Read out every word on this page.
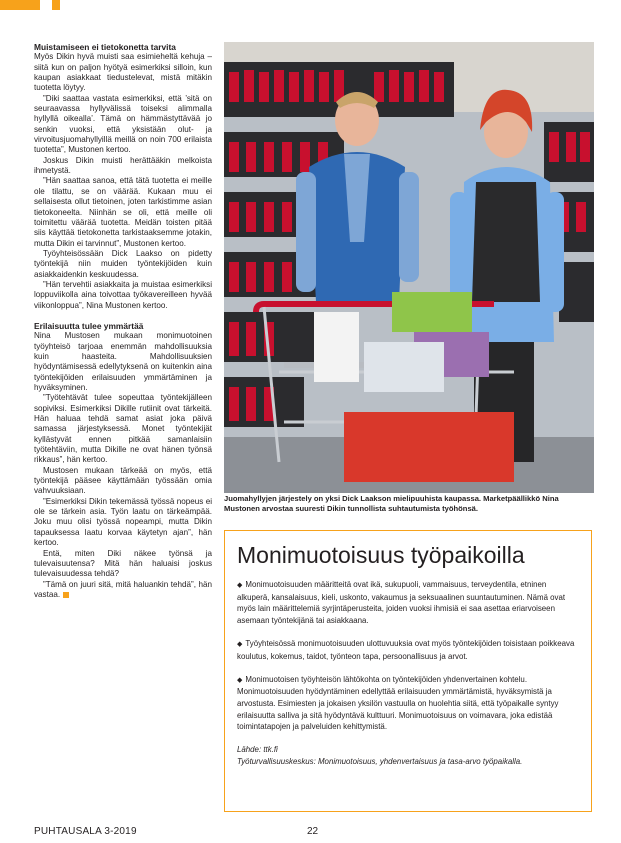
Muistamiseen ei tietokonetta tarvita

Myös Dikin hyvä muisti saa esimieheltä kehuja – siitä kun on paljon hyötyä esimerkiksi silloin, kun kaupan asiakkaat tiedustelevat, mistä mitäkin tuotetta löytyy.

”Diki saattaa vastata esimerkiksi, että ’sitä on seuraavassa hyllyvälissä toiseksi alimmalla hyllyllä oikealla’. Tämä on hämmästyttävää jo senkin vuoksi, että yksistään olut- ja virvoitusjuomahyllyillä meillä on noin 700 erilaista tuotetta”, Mustonen kertoo.

Joskus Dikin muisti herättääkin melkoista ihmetystä.

”Hän saattaa sanoa, että tätä tuotetta ei meille ole tilattu, se on väärää. Kukaan muu ei sellaisesta ollut tietoinen, joten tarkistimme asian tietokoneelta. Niinhän se oli, että meille oli toimitettu väärää tuotetta. Meidän toisten pitää siis käyttää tietokonetta tarkistaaksemme jotakin, mutta Dikin ei tarvinnut”, Mustonen kertoo.

Työyhteisössään Dick Laakso on pidetty työntekijä niin muiden työntekijöiden kuin asiakkaidenkin keskuudessa.

”Hän tervehtii asiakkaita ja muistaa esimerkiksi loppuviikolla aina toivottaa työkavereilleen hyvää viikonloppua”, Nina Mustonen kertoo.

Erilaisuutta tulee ymmärtää

Nina Mustosen mukaan monimuotoinen työyhteisö tarjoaa enemmän mahdollisuuksia kuin haasteita. Mahdollisuuksien hyödyntämisessä edellytyksenä on kuitenkin aina työntekijöiden erilaisuuden ymmärtäminen ja hyväksyminen.

”Työtehtävät tulee sopeuttaa työntekijälleen sopiviksi. Esimerkiksi Dikille rutiinit ovat tärkeitä. Hän haluaa tehdä samat asiat joka päivä samassa järjestyksessä. Monet työntekijät kyllästyvät ennen pitkää samanlaisiin työtehtäviin, mutta Dikille ne ovat hänen työnsä rikkaus”, hän kertoo.

Mustosen mukaan tärkeää on myös, että työntekijä pääsee käyttämään työssään omia vahvuuksiaan.

”Esimerkiksi Dikin tekemässä työssä nopeus ei ole se tärkein asia. Työn laatu on tärkeämpää. Joku muu olisi työssä nopeampi, mutta Dikin tapauksessa laatu korvaa käytetyn ajan”, hän kertoo.

Entä, miten Diki näkee työnsä ja tulevaisuutensa? Mitä hän haluaisi joskus tulevaisuudessa tehdä?

”Tämä on juuri sitä, mitä haluankin tehdä”, hän vastaa.

Juomahyllyjen järjestely on yksi Dick Laakson mielipuuhista kaupassa. Marketpäällikkö Nina Mustonen arvostaa suuresti Dikin tunnollista suhtautumista työhönsä.
Monimuotoisuus työpaikoilla

◆ Monimuotoisuuden määritteitä ovat ikä, sukupuoli, vammaisuus, terveydentila, etninen alkuperä, kansalaisuus, kieli, uskonto, vakaumus ja seksuaalinen suuntautuminen. Nämä ovat myös lain määrittelemiä syrjintäperusteita, joiden vuoksi ihmisiä ei saa asettaa eriarvoiseen asemaan työntekijänä tai asiakkaana.

◆ Työyhteisössä monimuotoisuuden ulottuvuuksia ovat myös työntekijöiden toisistaan poikkeava koulutus, kokemus, taidot, työnteon tapa, persoonallisuus ja arvot.

◆ Monimuotoisen työyhteisön lähtökohta on työntekijöiden yhdenvertainen kohtelu. Monimuotoisuuden hyödyntäminen edellyttää erilaisuuden ymmärtämistä, hyväksymistä ja arvostusta. Esimiesten ja jokaisen yksilön vastuulla on huolehtia siitä, että työpaikalle syntyy erilaisuutta salliva ja sitä hyödyntävä kulttuuri. Monimuotoisuus on voimavara, joka edistää toimintatapojen ja palveluiden kehittymistä.

Lähde: ttk.fi

Työturvallisuuskeskus: Monimuotoisuus, yhdenvertaisuus ja tasa-arvo työpaikalla.

PUHTAUSALA 3-2019	22
